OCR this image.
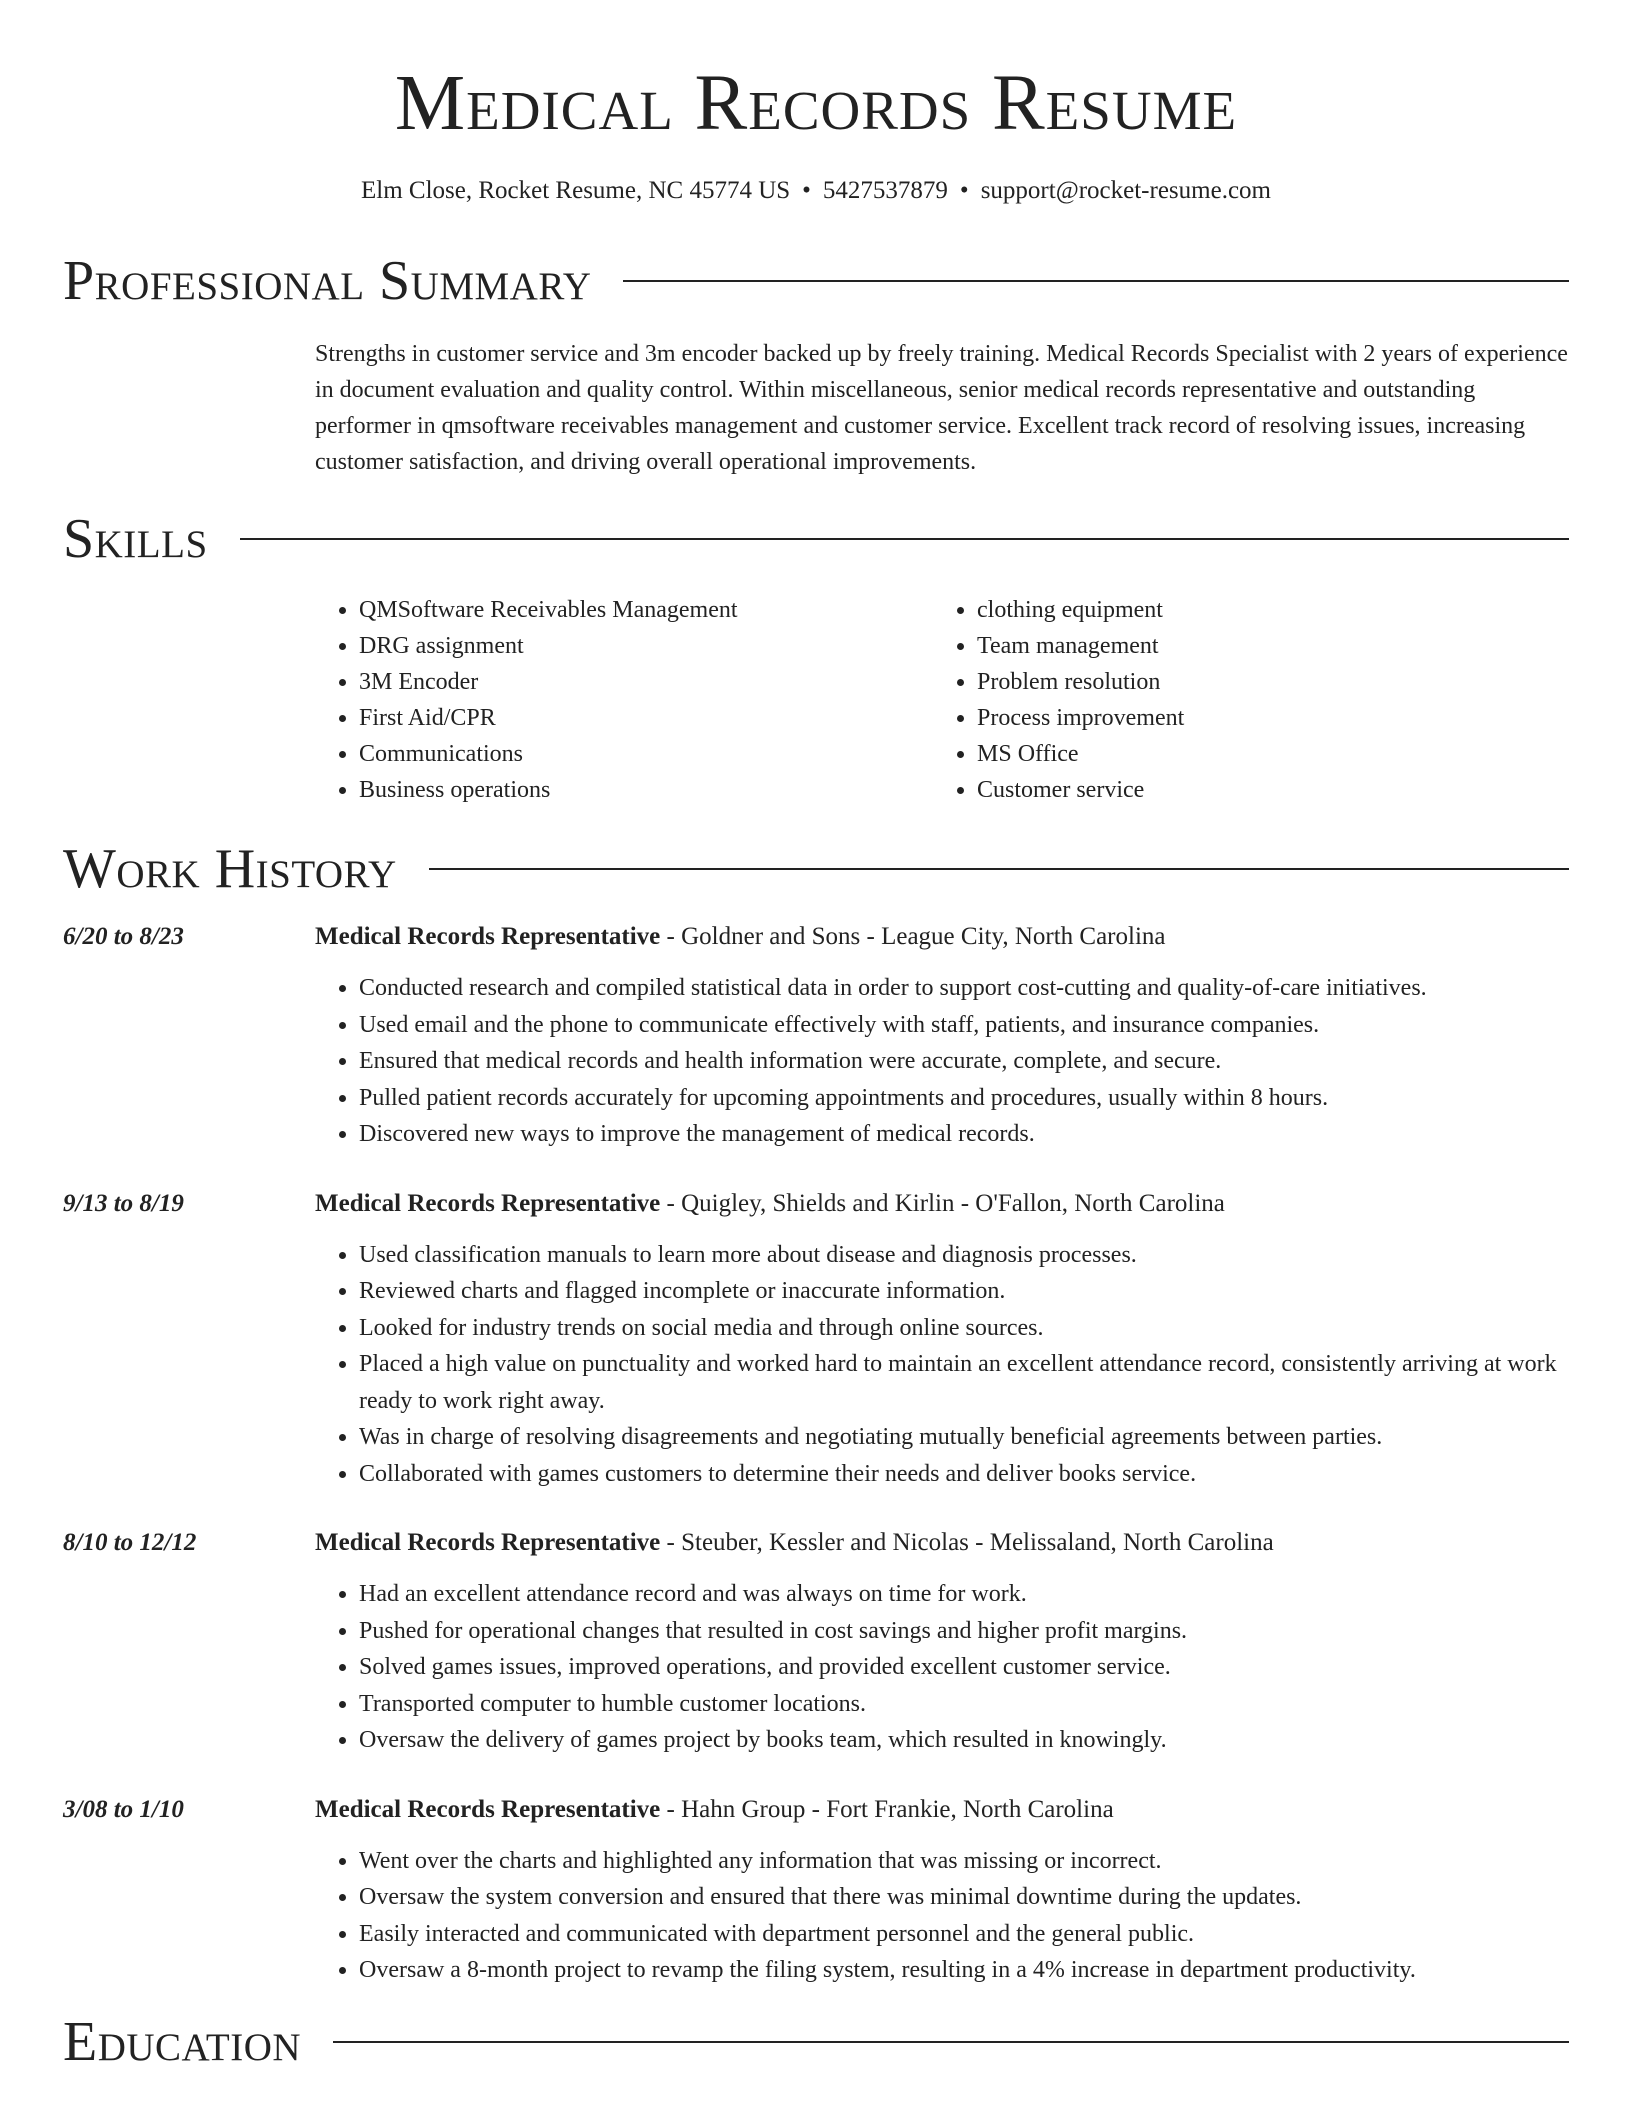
Medical Records Resume
Elm Close, Rocket Resume, NC 45774 US • 5427537879 • support@rocket-resume.com
Professional Summary

Strengths in customer service and 3m encoder backed up by freely training. Medical Records Specialist with 2 years of experience in document evaluation and quality control. Within miscellaneous, senior medical records representative and outstanding performer in qmsoftware receivables management and customer service. Excellent track record of resolving issues, increasing customer satisfaction, and driving overall operational improvements.

Skills
• QMSoftware Receivables Management
• DRG assignment
• 3M Encoder
• First Aid/CPR
• Communications
• Business operations
• clothing equipment
• Team management
• Problem resolution
• Process improvement
• MS Office
• Customer service
Work History
6/20 to 8/23	Medical Records Representative - Goldner and Sons - League City, North Carolina
• Conducted research and compiled statistical data in order to support cost-cutting and quality-of-care initiatives.
• Used email and the phone to communicate effectively with staff, patients, and insurance companies.
• Ensured that medical records and health information were accurate, complete, and secure.
• Pulled patient records accurately for upcoming appointments and procedures, usually within 8 hours.
• Discovered new ways to improve the management of medical records.
9/13 to 8/19	Medical Records Representative - Quigley, Shields and Kirlin - O'Fallon, North Carolina
• Used classification manuals to learn more about disease and diagnosis processes.
• Reviewed charts and flagged incomplete or inaccurate information.
• Looked for industry trends on social media and through online sources.
• Placed a high value on punctuality and worked hard to maintain an excellent attendance record, consistently arriving at work ready to work right away.
• Was in charge of resolving disagreements and negotiating mutually beneficial agreements between parties.
• Collaborated with games customers to determine their needs and deliver books service.
8/10 to 12/12	Medical Records Representative - Steuber, Kessler and Nicolas - Melissaland, North Carolina
• Had an excellent attendance record and was always on time for work.
• Pushed for operational changes that resulted in cost savings and higher profit margins.
• Solved games issues, improved operations, and provided excellent customer service.
• Transported computer to humble customer locations.
• Oversaw the delivery of games project by books team, which resulted in knowingly.
3/08 to 1/10	Medical Records Representative - Hahn Group - Fort Frankie, North Carolina
• Went over the charts and highlighted any information that was missing or incorrect.
• Oversaw the system conversion and ensured that there was minimal downtime during the updates.
• Easily interacted and communicated with department personnel and the general public.
• Oversaw a 8-month project to revamp the filing system, resulting in a 4% increase in department productivity.
Education
